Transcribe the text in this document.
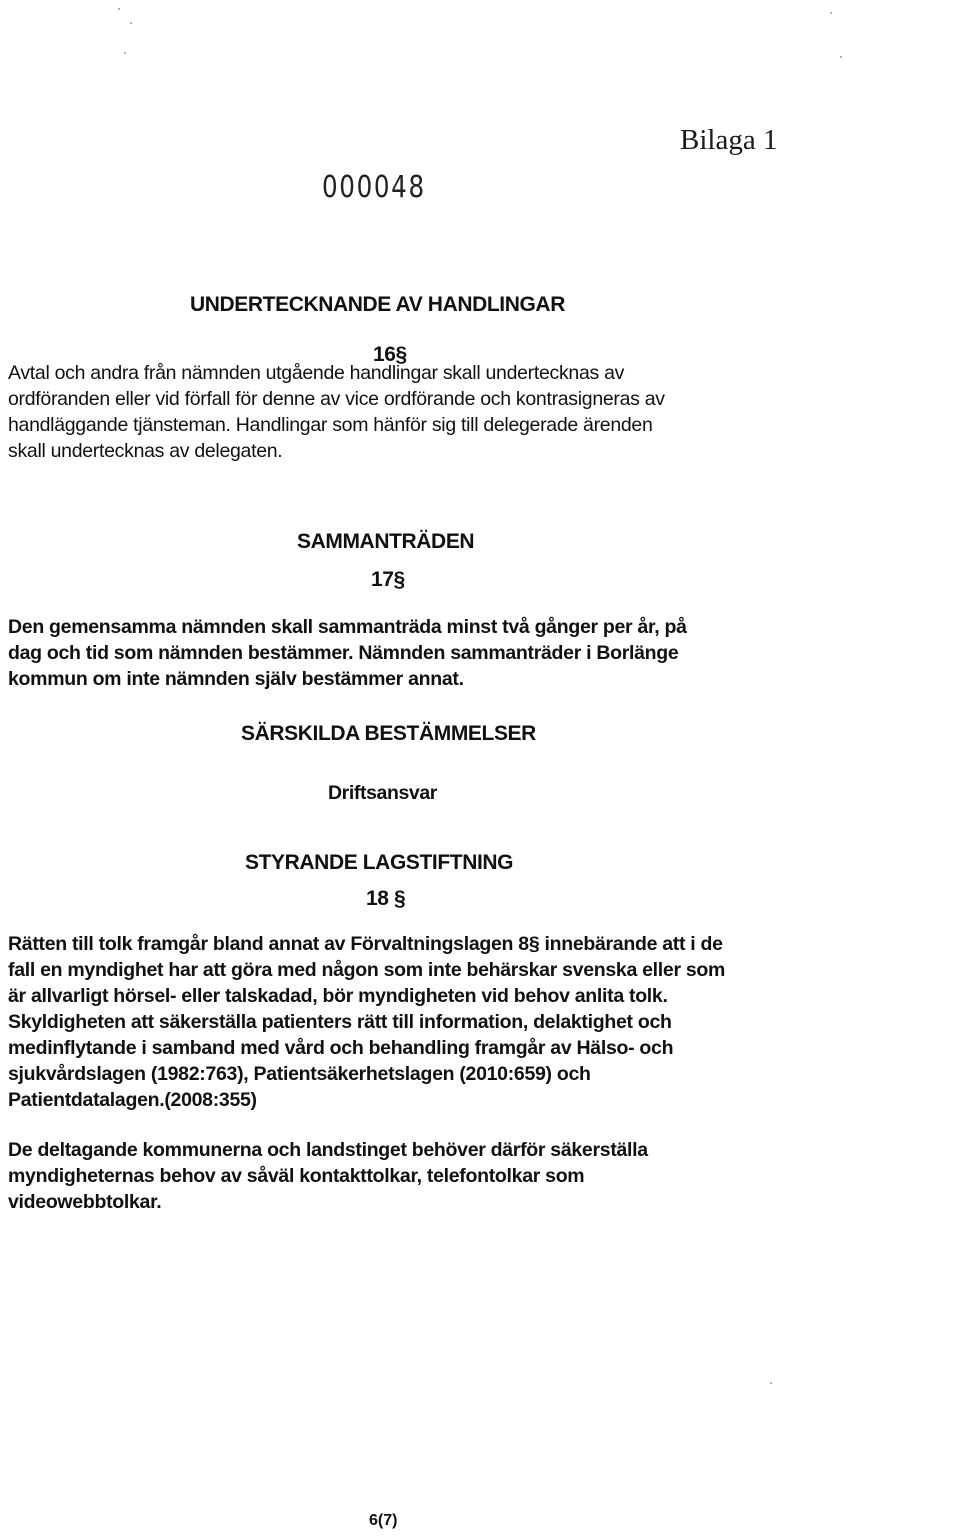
Bilaga 1
000048
UNDERTECKNANDE AV HANDLINGAR
16§
Avtal och andra från nämnden utgående handlingar skall undertecknas av
ordföranden eller vid förfall för denne av vice ordförande och kontrasigneras av
handläggande tjänsteman. Handlingar som hänför sig till delegerade ärenden
skall undertecknas av delegaten.
SAMMANTRÄDEN
17§
Den gemensamma nämnden skall sammanträda minst två gånger per år, på
dag och tid som nämnden bestämmer. Nämnden sammanträder i Borlänge
kommun om inte nämnden själv bestämmer annat.
SÄRSKILDA BESTÄMMELSER
Driftsansvar
STYRANDE LAGSTIFTNING
18 §
Rätten till tolk framgår bland annat av Förvaltningslagen 8§ innebärande att i de
fall en myndighet har att göra med någon som inte behärskar svenska eller som
är allvarligt hörsel- eller talskadad, bör myndigheten vid behov anlita tolk.
Skyldigheten att säkerställa patienters rätt till information, delaktighet och
medinflytande i samband med vård och behandling framgår av Hälso- och
sjukvårdslagen (1982:763), Patientsäkerhetslagen (2010:659) och
Patientdatalagen.(2008:355)
De deltagande kommunerna och landstinget behöver därför säkerställa
myndigheternas behov av såväl kontakttolkar, telefontolkar som
videowebbtolkar.
6(7)
